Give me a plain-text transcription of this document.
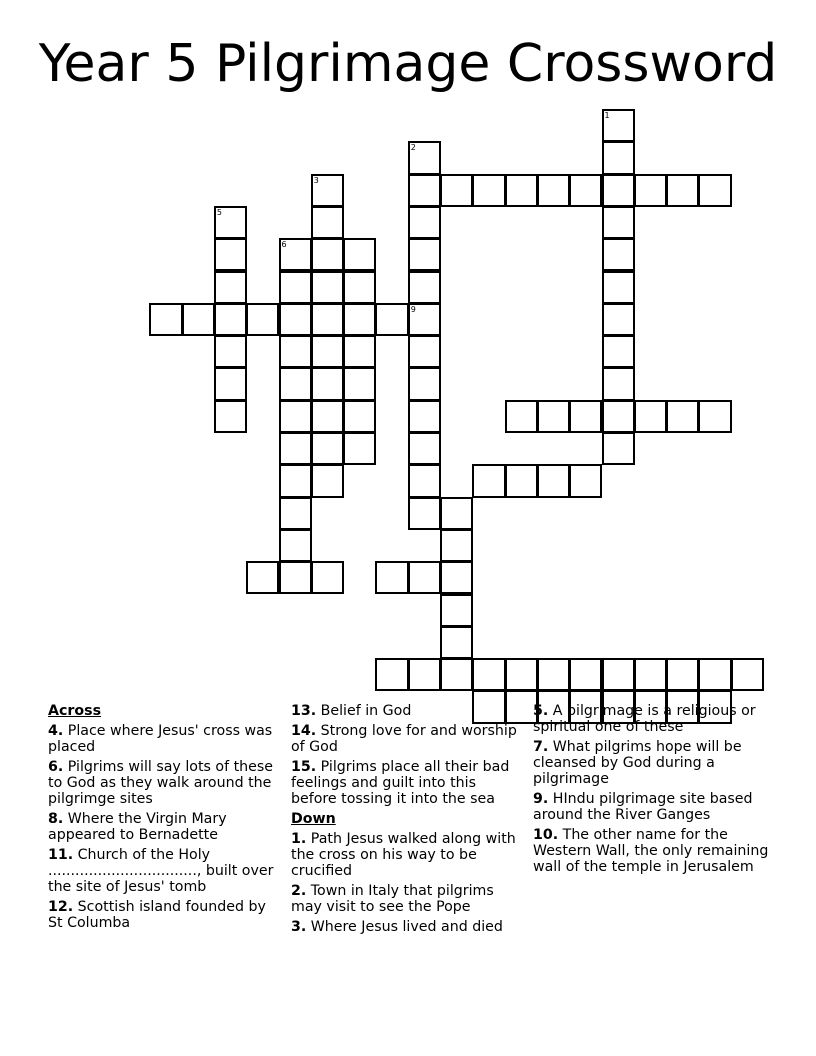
Year 5 Pilgrimage Crossword
1
2
9
3
5
6
Across
4. Place where Jesus' cross was placed
6. Pilgrims will say lots of these to God as they walk around the pilgrimge sites
8. Where the Virgin Mary appeared to Bernadette
11. Church of the Holy ................................., built over the site of Jesus' tomb
12. Scottish island founded by St Columba
13. Belief in God
14. Strong love for and worship of God
15. Pilgrims place all their bad feelings and guilt into this before tossing it into the sea
Down
1. Path Jesus walked along with the cross on his way to be crucified
2. Town in Italy that pilgrims may visit to see the Pope
3. Where Jesus lived and died
5. A pilgrimage is a religious or spiritual one of these
7. What pilgrims hope will be cleansed by God during a pilgrimage
9. HIndu pilgrimage site based around the River Ganges
10. The other name for the Western Wall, the only remaining wall of the temple in Jerusalem
